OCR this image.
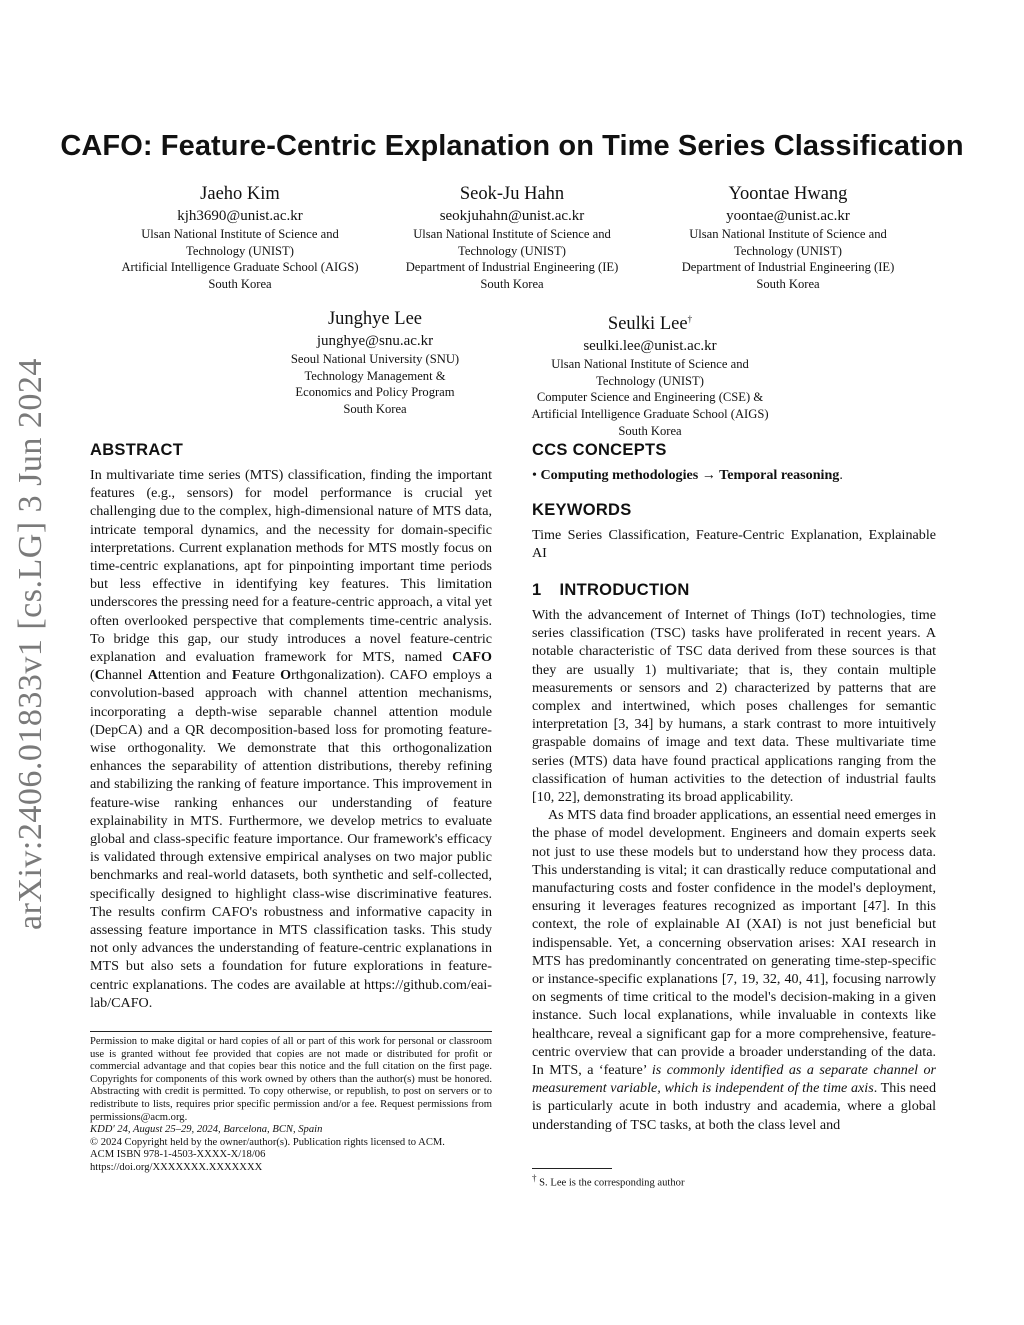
arXiv:2406.01833v1 [cs.LG] 3 Jun 2024
CAFO: Feature-Centric Explanation on Time Series Classification
Jaeho Kim
kjh3690@unist.ac.kr
Ulsan National Institute of Science and
Technology (UNIST)
Artificial Intelligence Graduate School (AIGS)
South Korea
Seok-Ju Hahn
seokjuhahn@unist.ac.kr
Ulsan National Institute of Science and
Technology (UNIST)
Department of Industrial Engineering (IE)
South Korea
Yoontae Hwang
yoontae@unist.ac.kr
Ulsan National Institute of Science and
Technology (UNIST)
Department of Industrial Engineering (IE)
South Korea
Junghye Lee
junghye@snu.ac.kr
Seoul National University (SNU)
Technology Management &
Economics and Policy Program
South Korea
Seulki Lee†
seulki.lee@unist.ac.kr
Ulsan National Institute of Science and
Technology (UNIST)
Computer Science and Engineering (CSE) &
Artificial Intelligence Graduate School (AIGS)
South Korea
ABSTRACT

In multivariate time series (MTS) classification, finding the important features (e.g., sensors) for model performance is crucial yet challenging due to the complex, high-dimensional nature of MTS data, intricate temporal dynamics, and the necessity for domain-specific interpretations. Current explanation methods for MTS mostly focus on time-centric explanations, apt for pinpointing important time periods but less effective in identifying key features. This limitation underscores the pressing need for a feature-centric approach, a vital yet often overlooked perspective that complements time-centric analysis. To bridge this gap, our study introduces a novel feature-centric explanation and evaluation framework for MTS, named CAFO (Channel Attention and Feature Orthgonalization). CAFO employs a convolution-based approach with channel attention mechanisms, incorporating a depth-wise separable channel attention module (DepCA) and a QR decomposition-based loss for promoting feature-wise orthogonality. We demonstrate that this orthogonalization enhances the separability of attention distributions, thereby refining and stabilizing the ranking of feature importance. This improvement in feature-wise ranking enhances our understanding of feature explainability in MTS. Furthermore, we develop metrics to evaluate global and class-specific feature importance. Our framework's efficacy is validated through extensive empirical analyses on two major public benchmarks and real-world datasets, both synthetic and self-collected, specifically designed to highlight class-wise discriminative features. The results confirm CAFO's robustness and informative capacity in assessing feature importance in MTS classification tasks. This study not only advances the understanding of feature-centric explanations in MTS but also sets a foundation for future explorations in feature-centric explanations. The codes are available at https://github.com/eai-lab/CAFO.

Permission to make digital or hard copies of all or part of this work for personal or classroom use is granted without fee provided that copies are not made or distributed for profit or commercial advantage and that copies bear this notice and the full citation on the first page. Copyrights for components of this work owned by others than the author(s) must be honored. Abstracting with credit is permitted. To copy otherwise, or republish, to post on servers or to redistribute to lists, requires prior specific permission and/or a fee. Request permissions from permissions@acm.org.

KDD' 24, August 25–29, 2024, Barcelona, BCN, Spain

© 2024 Copyright held by the owner/author(s). Publication rights licensed to ACM.

ACM ISBN 978-1-4503-XXXX-X/18/06

https://doi.org/XXXXXXX.XXXXXXX

CCS CONCEPTS
• Computing methodologies → Temporal reasoning.
KEYWORDS
Time Series Classification, Feature-Centric Explanation, Explainable AI
1 INTRODUCTION

With the advancement of Internet of Things (IoT) technologies, time series classification (TSC) tasks have proliferated in recent years. A notable characteristic of TSC data derived from these sources is that they are usually 1) multivariate; that is, they contain multiple measurements or sensors and 2) characterized by patterns that are complex and intertwined, which poses challenges for semantic interpretation [3, 34] by humans, a stark contrast to more intuitively graspable domains of image and text data. These multivariate time series (MTS) data have found practical applications ranging from the classification of human activities to the detection of industrial faults [10, 22], demonstrating its broad applicability.

As MTS data find broader applications, an essential need emerges in the phase of model development. Engineers and domain experts seek not just to use these models but to understand how they process data. This understanding is vital; it can drastically reduce computational and manufacturing costs and foster confidence in the model's deployment, ensuring it leverages features recognized as important [47]. In this context, the role of explainable AI (XAI) is not just beneficial but indispensable. Yet, a concerning observation arises: XAI research in MTS has predominantly concentrated on generating time-step-specific or instance-specific explanations [7, 19, 32, 40, 41], focusing narrowly on segments of time critical to the model's decision-making in a given instance. Such local explanations, while invaluable in contexts like healthcare, reveal a significant gap for a more comprehensive, feature-centric overview that can provide a broader understanding of the data. In MTS, a ‘feature’ is commonly identified as a separate channel or measurement variable, which is independent of the time axis. This need is particularly acute in both industry and academia, where a global understanding of TSC tasks, at both the class level and

† S. Lee is the corresponding author
